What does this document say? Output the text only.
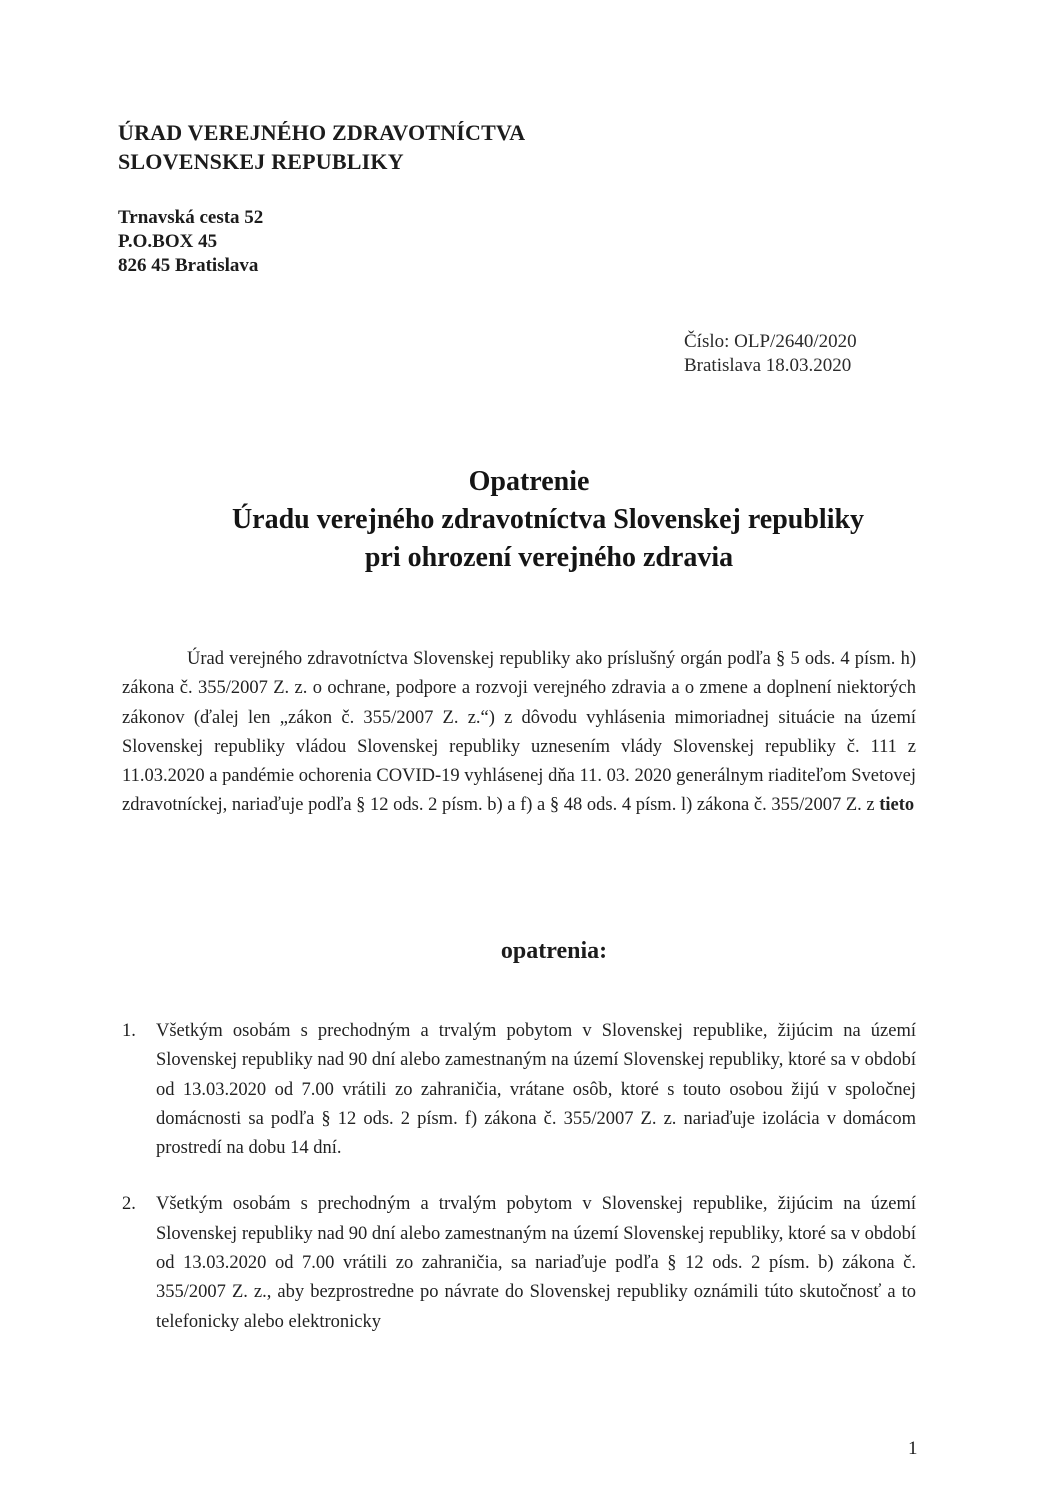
ÚRAD VEREJNÉHO ZDRAVOTNÍCTVA
SLOVENSKEJ REPUBLIKY
Trnavská cesta 52
P.O.BOX 45
826 45 Bratislava
Číslo: OLP/2640/2020
Bratislava 18.03.2020
Opatrenie
Úradu verejného zdravotníctva Slovenskej republiky
pri ohrození verejného zdravia
Úrad verejného zdravotníctva Slovenskej republiky ako príslušný orgán podľa § 5 ods. 4 písm. h) zákona č. 355/2007 Z. z. o ochrane, podpore a rozvoji verejného zdravia a o zmene a doplnení niektorých zákonov (ďalej len „zákon č. 355/2007 Z. z.“) z dôvodu vyhlásenia mimoriadnej situácie na území Slovenskej republiky vládou Slovenskej republiky uznesením vlády Slovenskej republiky č. 111 z 11.03.2020 a pandémie ochorenia COVID-19 vyhlásenej dňa 11. 03. 2020 generálnym riaditeľom Svetovej zdravotníckej, nariaďuje podľa § 12 ods. 2 písm. b) a f) a § 48 ods. 4 písm. l) zákona č. 355/2007 Z. z tieto
opatrenia:
1.	Všetkým osobám s prechodným a trvalým pobytom v Slovenskej republike, žijúcim na území Slovenskej republiky nad 90 dní alebo zamestnaným na území Slovenskej republiky, ktoré sa v období od 13.03.2020 od 7.00 vrátili zo zahraničia, vrátane osôb, ktoré s touto osobou žijú v spoločnej domácnosti sa podľa § 12 ods. 2 písm. f) zákona č. 355/2007 Z. z. nariaďuje izolácia v domácom prostredí na dobu 14 dní.
2.	Všetkým osobám s prechodným a trvalým pobytom v Slovenskej republike, žijúcim na území Slovenskej republiky nad 90 dní alebo zamestnaným na území Slovenskej republiky, ktoré sa v období od 13.03.2020 od 7.00 vrátili zo zahraničia, sa nariaďuje podľa § 12 ods. 2 písm. b) zákona č. 355/2007 Z. z., aby bezprostredne po návrate do Slovenskej republiky oznámili túto skutočnosť a to telefonicky alebo elektronicky
1
